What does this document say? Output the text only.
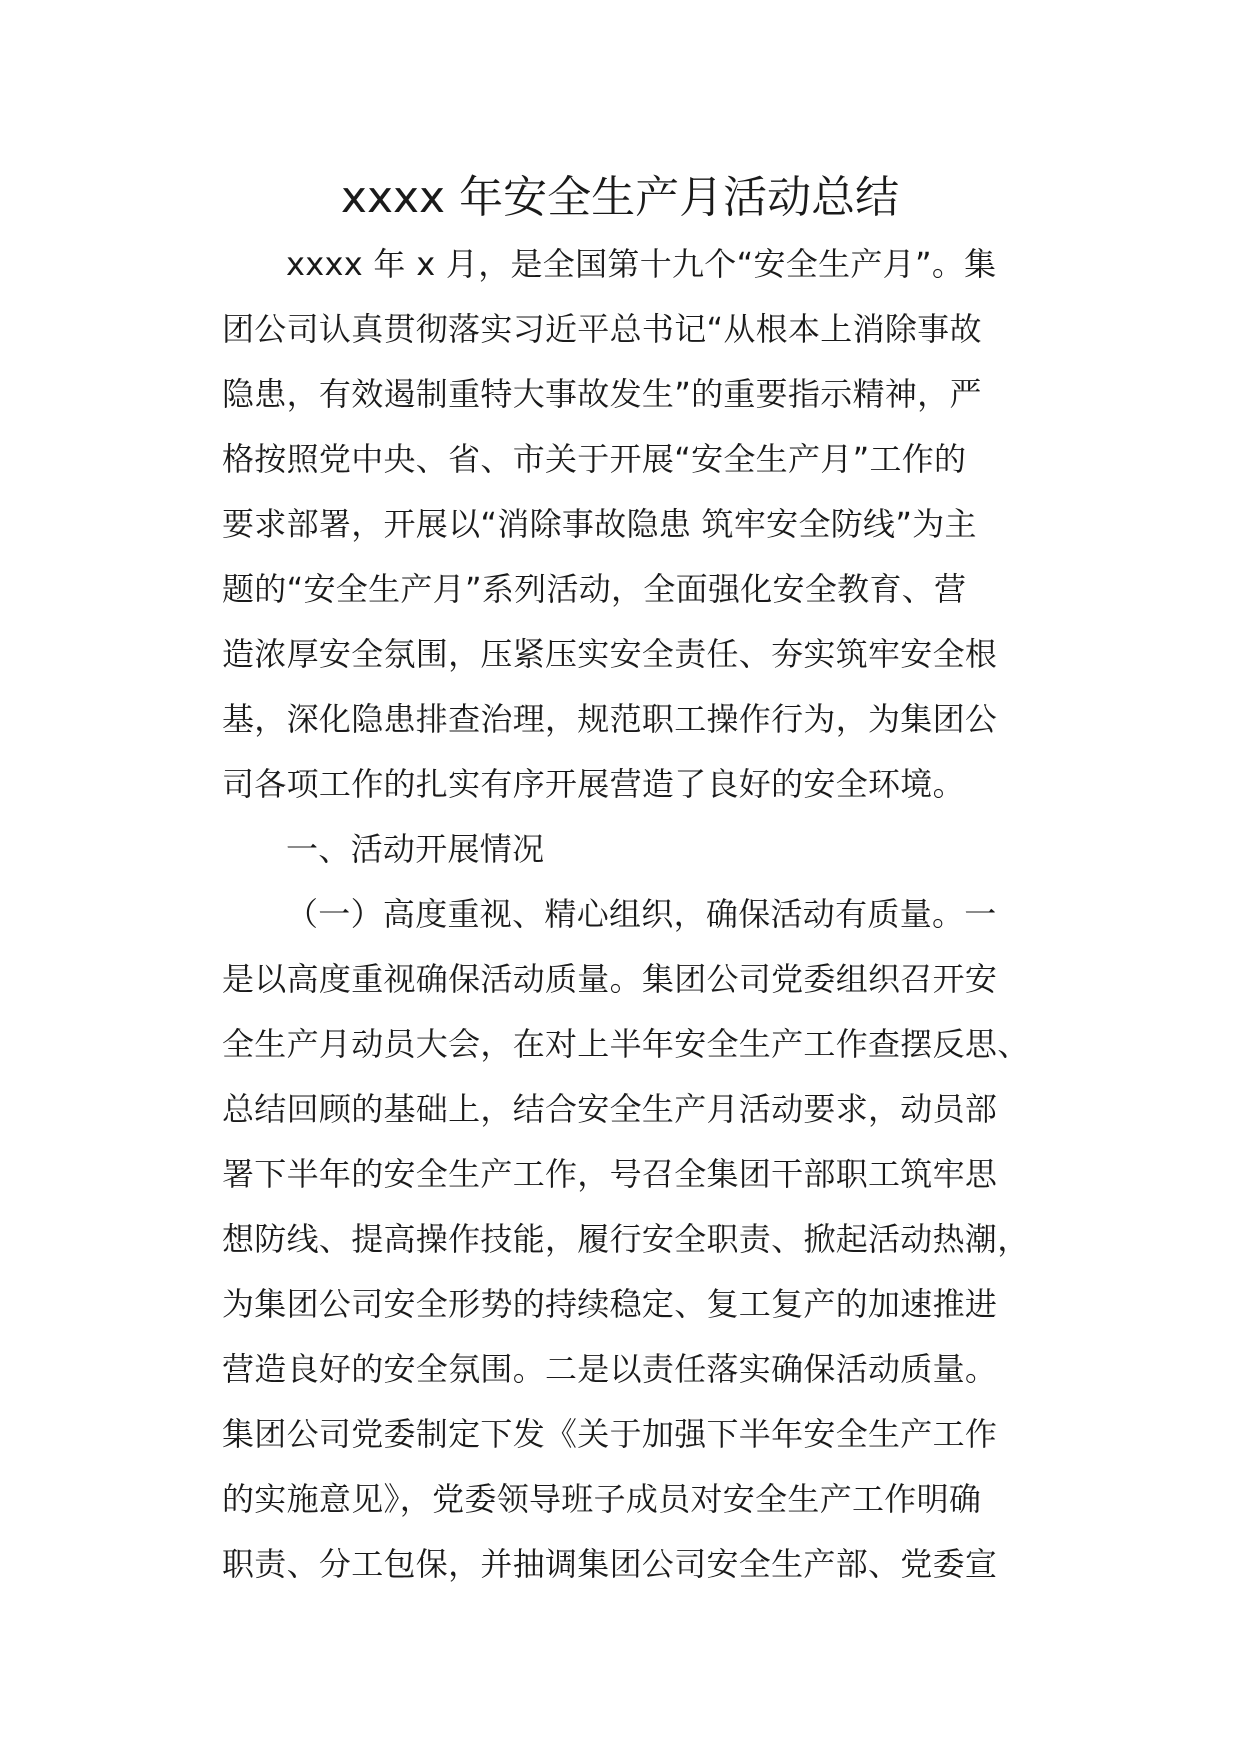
xxxx 年安全生产月活动总结
xxxx 年 x 月，是全国第十九个“安全生产月”。集
团公司认真贯彻落实习近平总书记“从根本上消除事故
隐患，有效遏制重特大事故发生”的重要指示精神，严
格按照党中央、省、市关于开展“安全生产月”工作的
要求部署，开展以“消除事故隐患 筑牢安全防线”为主
题的“安全生产月”系列活动，全面强化安全教育、营
造浓厚安全氛围，压紧压实安全责任、夯实筑牢安全根
基，深化隐患排查治理，规范职工操作行为，为集团公
司各项工作的扎实有序开展营造了良好的安全环境。
一、活动开展情况
（一）高度重视、精心组织，确保活动有质量。一
是以高度重视确保活动质量。集团公司党委组织召开安
全生产月动员大会，在对上半年安全生产工作查摆反思、
总结回顾的基础上，结合安全生产月活动要求，动员部
署下半年的安全生产工作，号召全集团干部职工筑牢思
想防线、提高操作技能，履行安全职责、掀起活动热潮，
为集团公司安全形势的持续稳定、复工复产的加速推进
营造良好的安全氛围。二是以责任落实确保活动质量。
集团公司党委制定下发《关于加强下半年安全生产工作
的实施意见》，党委领导班子成员对安全生产工作明确
职责、分工包保，并抽调集团公司安全生产部、党委宣
